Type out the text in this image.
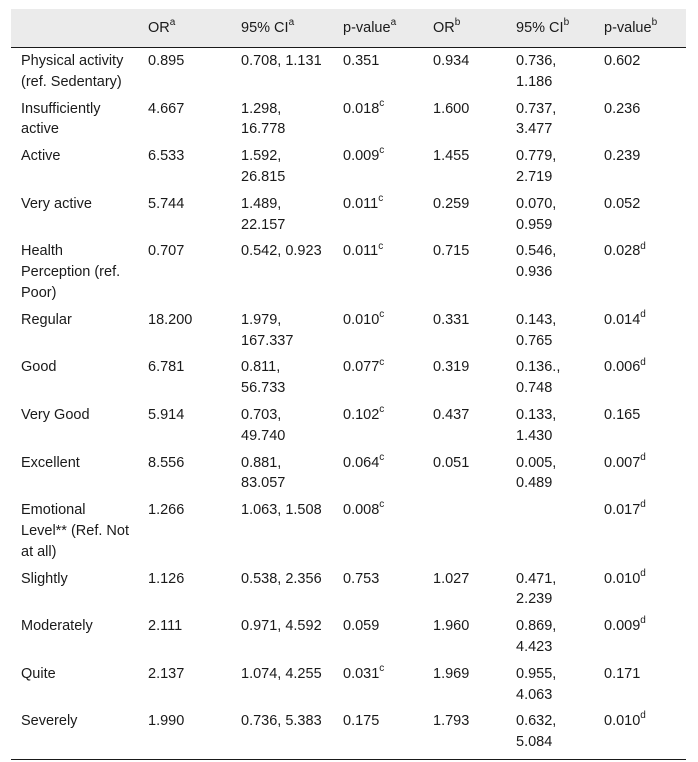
	$OR^a$	95% $CI^a$	p-value$^a$	$OR^b$	95% $CI^b$	p-value$^b$
Physical activity (ref. Sedentary)	0.895	0.708, 1.131	0.351	0.934	0.736, 1.186	0.602
Insufficiently active	4.667	1.298, 16.778	0.018$^c$	1.600	0.737, 3.477	0.236
Active	6.533	1.592, 26.815	0.009$^c$	1.455	0.779, 2.719	0.239
Very active	5.744	1.489, 22.157	0.011$^c$	0.259	0.070, 0.959	0.052
Health Perception (ref. Poor)	0.707	0.542, 0.923	0.011$^c$	0.715	0.546, 0.936	0.028$^d$
Regular	18.200	1.979, 167.337	0.010$^c$	0.331	0.143, 0.765	0.014$^d$
Good	6.781	0.811, 56.733	0.077$^c$	0.319	0.136., 0.748	0.006$^d$
Very Good	5.914	0.703, 49.740	0.102$^c$	0.437	0.133, 1.430	0.165
Excellent	8.556	0.881, 83.057	0.064$^c$	0.051	0.005, 0.489	0.007$^d$
Emotional Level** (Ref. Not at all)	1.266	1.063, 1.508	0.008$^c$			0.017$^d$
Slightly	1.126	0.538, 2.356	0.753	1.027	0.471, 2.239	0.010$^d$
Moderately	2.111	0.971, 4.592	0.059	1.960	0.869, 4.423	0.009$^d$
Quite	2.137	1.074, 4.255	0.031$^c$	1.969	0.955, 4.063	0.171
Severely	1.990	0.736, 5.383	0.175	1.793	0.632, 5.084	0.010$^d$
